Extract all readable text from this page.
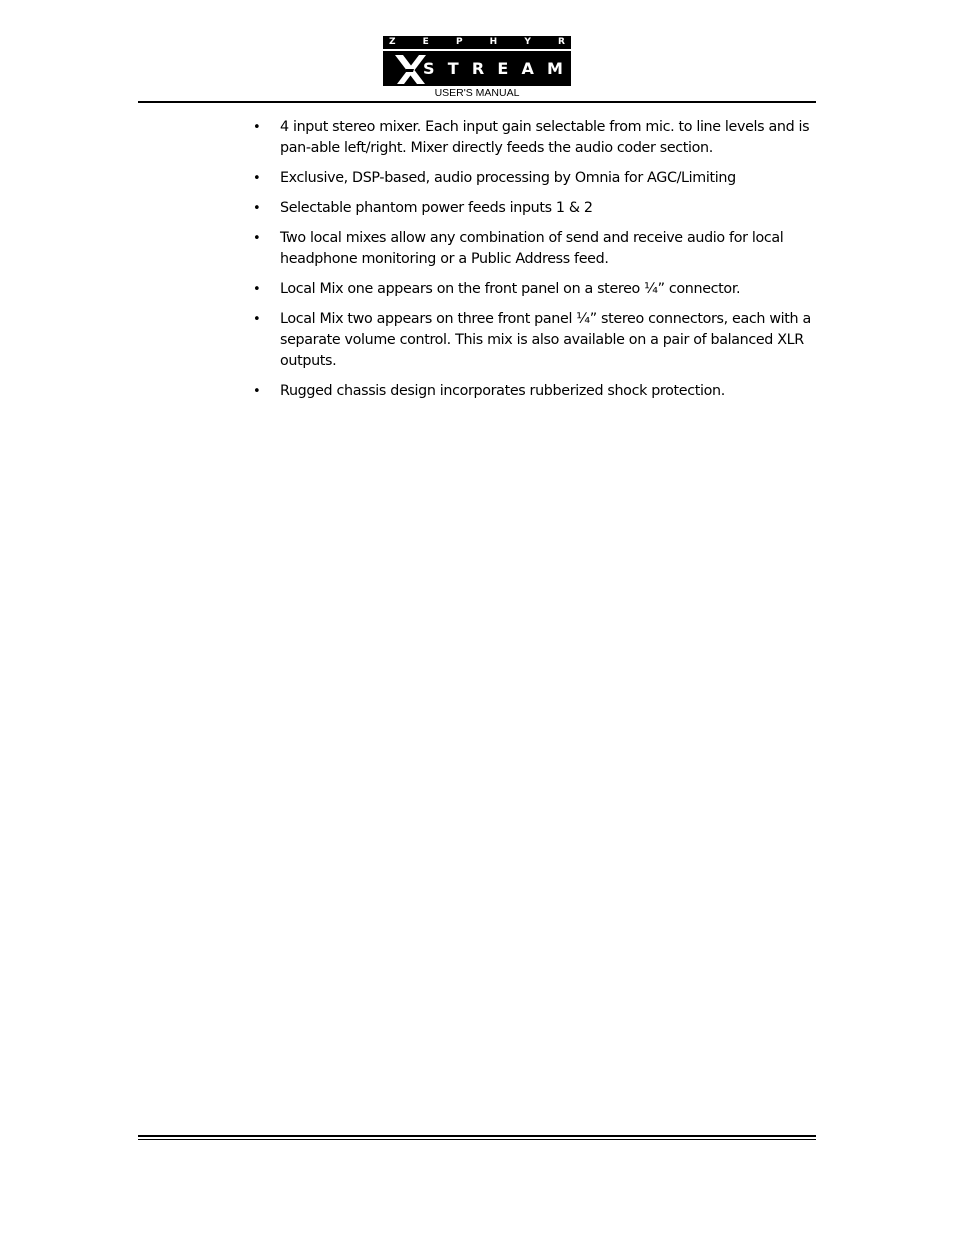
Z	E	P	H	Y	R
S T R E A M
USER'S MANUAL
•	4 input stereo mixer. Each input gain selectable from mic. to line levels and is pan-able left/right. Mixer directly feeds the audio coder section.
•	Exclusive, DSP-based, audio processing by Omnia for AGC/Limiting
•	Selectable phantom power feeds inputs 1 & 2
•	Two local mixes allow any combination of send and receive audio for local headphone monitoring or a Public Address feed.
•	Local Mix one appears on the front panel on a stereo ¼” connector.
•	Local Mix two appears on three front panel ¼” stereo connectors, each with a separate volume control. This mix is also available on a pair of balanced XLR outputs.
•	Rugged chassis design incorporates rubberized shock protection.
